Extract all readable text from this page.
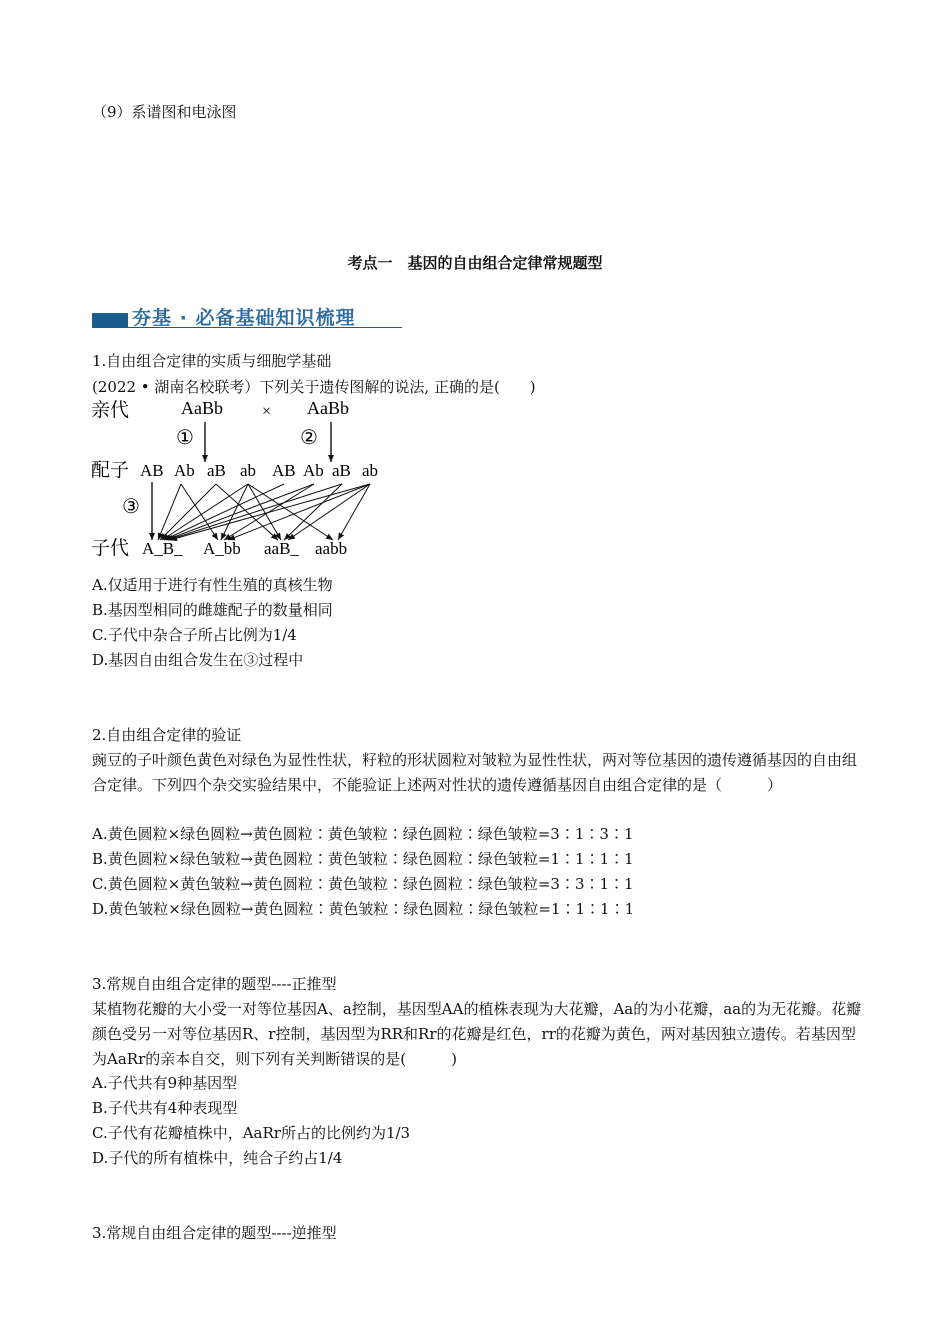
（9）系谱图和电泳图
考点一　基因的自由组合定律常规题型
夯基 · 必备基础知识梳理
1.自由组合定律的实质与细胞学基础
(2022 • 湖南名校联考）下列关于遗传图解的说法, 正确的是(　　)
亲代
配子
子代
AaBb × AaBb
①	②
③
AB Ab aB ab AB Ab aB ab
A_B_ A_bb aaB_ aabb
A.仅适用于进行有性生殖的真核生物
B.基因型相同的雌雄配子的数量相同
C.子代中杂合子所占比例为1/4
D.基因自由组合发生在③过程中
2.自由组合定律的验证
豌豆的子叶颜色黄色对绿色为显性性状，籽粒的形状圆粒对皱粒为显性性状，两对等位基因的遗传遵循基因的自由组合定律。下列四个杂交实验结果中，不能验证上述两对性状的遗传遵循基因自由组合定律的是（　　　）
A.黄色圆粒×绿色圆粒→黄色圆粒∶黄色皱粒∶绿色圆粒∶绿色皱粒=3∶1∶3∶1
B.黄色圆粒×绿色皱粒→黄色圆粒∶黄色皱粒∶绿色圆粒∶绿色皱粒=1∶1∶1∶1
C.黄色圆粒×黄色皱粒→黄色圆粒∶黄色皱粒∶绿色圆粒∶绿色皱粒=3∶3∶1∶1
D.黄色皱粒×绿色圆粒→黄色圆粒∶黄色皱粒∶绿色圆粒∶绿色皱粒=1∶1∶1∶1
3.常规自由组合定律的题型----正推型
某植物花瓣的大小受一对等位基因A、a控制，基因型AA的植株表现为大花瓣，Aa的为小花瓣，aa的为无花瓣。花瓣颜色受另一对等位基因R、r控制，基因型为RR和Rr的花瓣是红色，rr的花瓣为黄色，两对基因独立遗传。若基因型为AaRr的亲本自交，则下列有关判断错误的是(　　　)
A.子代共有9种基因型
B.子代共有4种表现型
C.子代有花瓣植株中，AaRr所占的比例约为1/3
D.子代的所有植株中，纯合子约占1/4
3.常规自由组合定律的题型----逆推型
